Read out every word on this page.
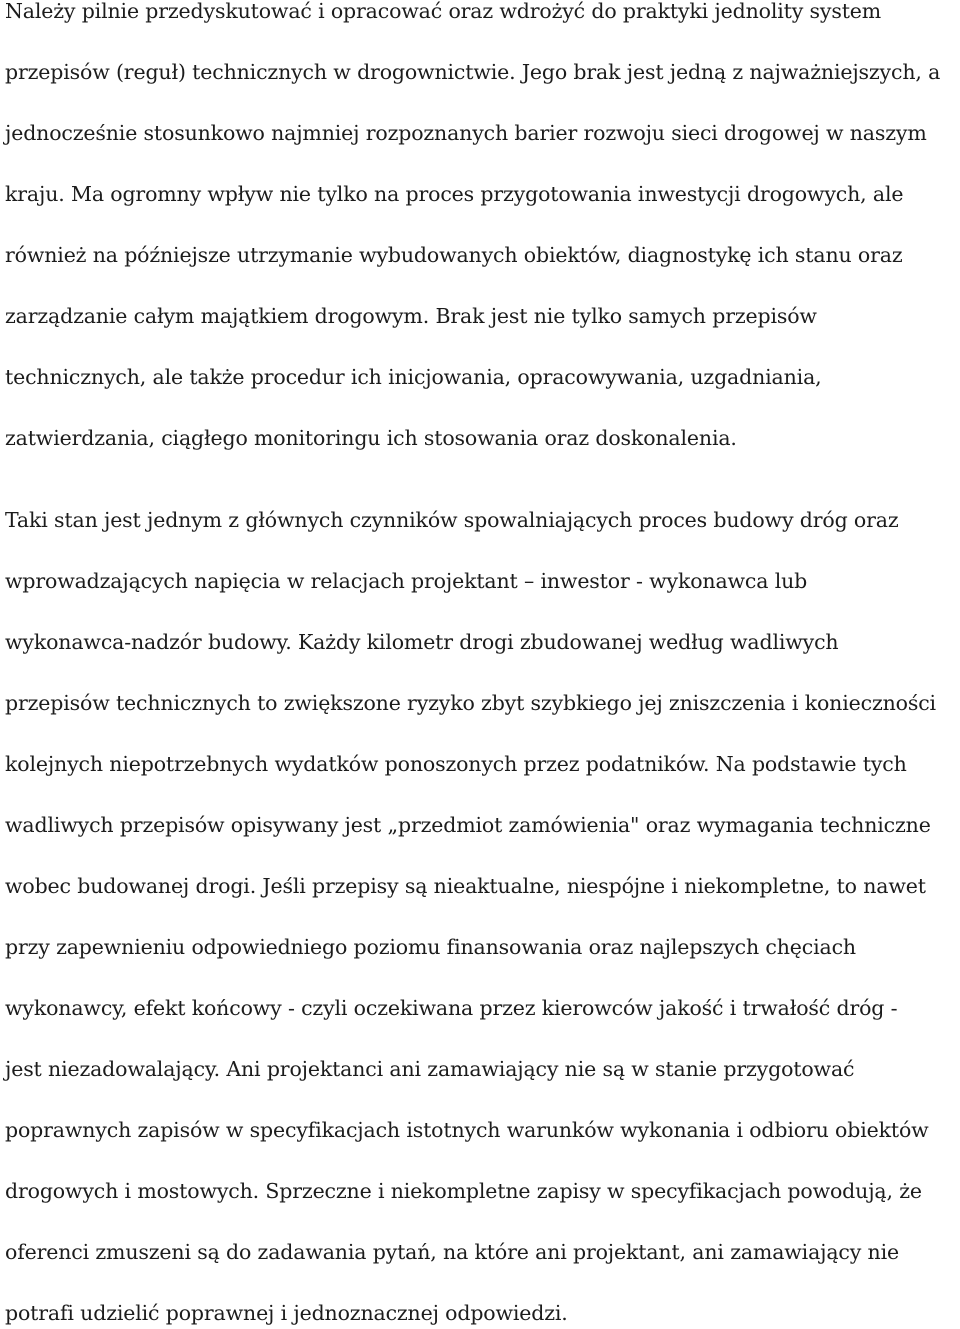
Należy pilnie przedyskutować i opracować oraz wdrożyć do praktyki jednolity system

przepisów (reguł) technicznych w drogownictwie. Jego brak jest jedną z najważniejszych, a

jednocześnie stosunkowo najmniej rozpoznanych barier rozwoju sieci drogowej w naszym

kraju. Ma ogromny wpływ nie tylko na proces przygotowania inwestycji drogowych, ale

również na późniejsze utrzymanie wybudowanych obiektów, diagnostykę ich stanu oraz

zarządzanie całym majątkiem drogowym. Brak jest nie tylko samych przepisów

technicznych, ale także procedur ich inicjowania, opracowywania, uzgadniania,

zatwierdzania, ciągłego monitoringu ich stosowania oraz doskonalenia.

Taki stan jest jednym z głównych czynników spowalniających proces budowy dróg oraz

wprowadzających napięcia w relacjach projektant – inwestor - wykonawca lub

wykonawca-nadzór budowy. Każdy kilometr drogi zbudowanej według wadliwych

przepisów technicznych to zwiększone ryzyko zbyt szybkiego jej zniszczenia i konieczności

kolejnych niepotrzebnych wydatków ponoszonych przez podatników. Na podstawie tych

wadliwych przepisów opisywany jest „przedmiot zamówienia" oraz wymagania techniczne

wobec budowanej drogi. Jeśli przepisy są nieaktualne, niespójne i niekompletne, to nawet

przy zapewnieniu odpowiedniego poziomu finansowania oraz najlepszych chęciach

wykonawcy, efekt końcowy - czyli oczekiwana przez kierowców jakość i trwałość dróg -

jest niezadowalający. Ani projektanci ani zamawiający nie są w stanie przygotować

poprawnych zapisów w specyfikacjach istotnych warunków wykonania i odbioru obiektów

drogowych i mostowych. Sprzeczne i niekompletne zapisy w specyfikacjach powodują, że

oferenci zmuszeni są do zadawania pytań, na które ani projektant, ani zamawiający nie

potrafi udzielić poprawnej i jednoznacznej odpowiedzi.
